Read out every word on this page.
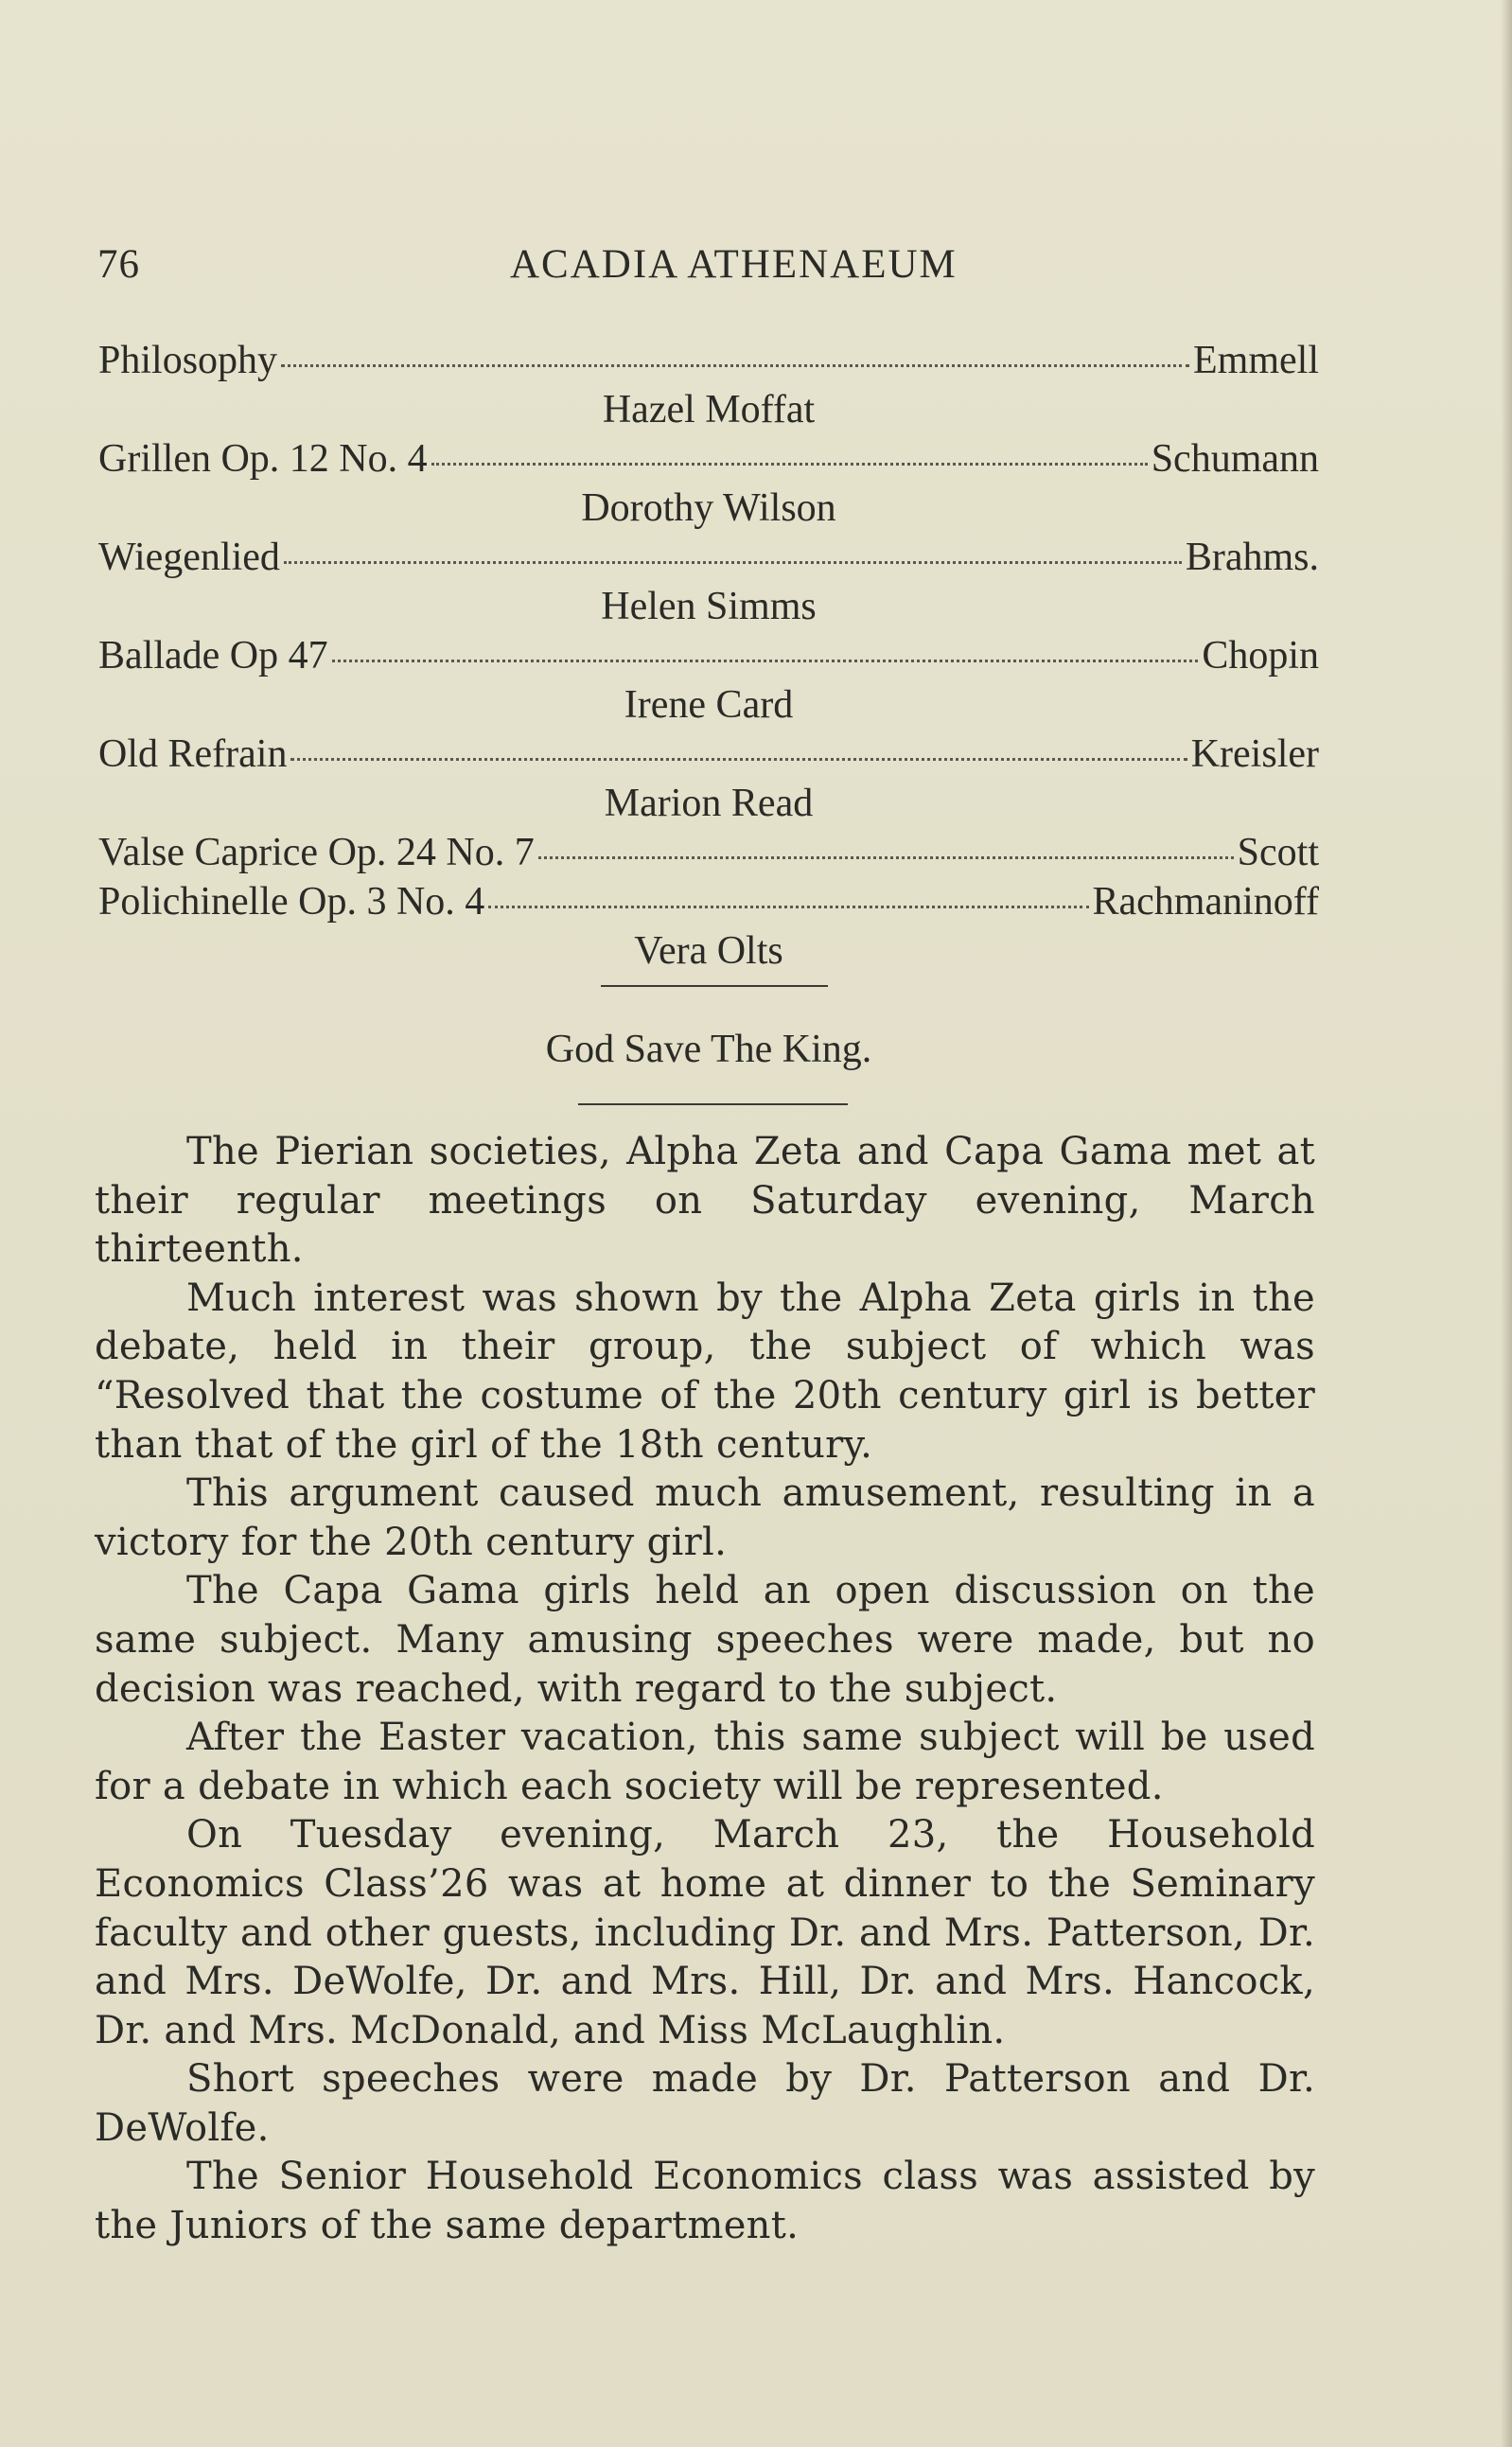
76	ACADIA ATHENAEUM
Philosophy	Emmell
Hazel Moffat
Grillen Op. 12 No. 4	Schumann
Dorothy Wilson
Wiegenlied	Brahms.
Helen Simms
Ballade Op 47	Chopin
Irene Card
Old Refrain	Kreisler
Marion Read
Valse Caprice Op. 24 No. 7	Scott
Polichinelle Op. 3 No. 4	Rachmaninoff
Vera Olts
God Save The King.

The Pierian societies, Alpha Zeta and Capa Gama met at their regular meetings on Saturday evening, March thirteenth.

Much interest was shown by the Alpha Zeta girls in the debate, held in their group, the subject of which was “Resolved that the costume of the 20th century girl is better than that of the girl of the 18th century.

This argument caused much amusement, resulting in a victory for the 20th century girl.

The Capa Gama girls held an open discussion on the same subject. Many amusing speeches were made, but no decision was reached, with regard to the subject.

After the Easter vacation, this same subject will be used for a debate in which each society will be represented.

On Tuesday evening, March 23, the Household Economics Class’26 was at home at dinner to the Seminary faculty and other guests, including Dr. and Mrs. Patterson, Dr. and Mrs. DeWolfe, Dr. and Mrs. Hill, Dr. and Mrs. Hancock, Dr. and Mrs. McDonald, and Miss McLaughlin.

Short speeches were made by Dr. Patterson and Dr. DeWolfe.

The Senior Household Economics class was assisted by the Juniors of the same department.
